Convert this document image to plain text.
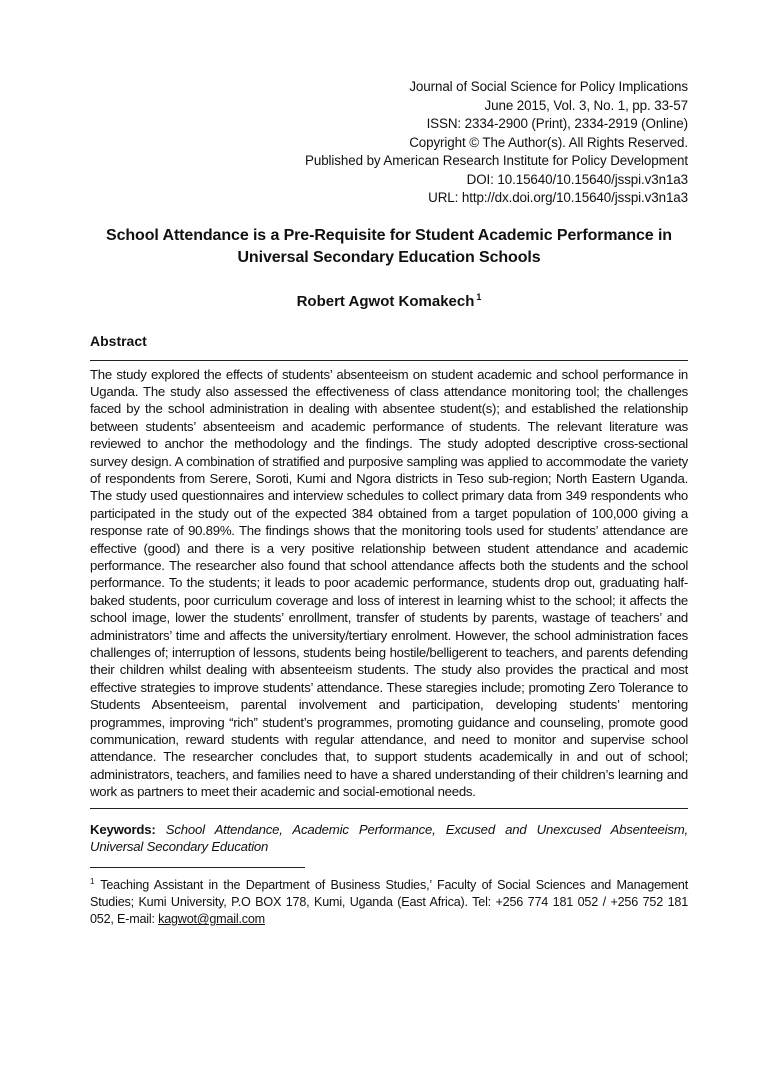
Journal of Social Science for Policy Implications
June 2015, Vol. 3, No. 1, pp. 33-57
ISSN: 2334-2900 (Print), 2334-2919 (Online)
Copyright © The Author(s). All Rights Reserved.
Published by American Research Institute for Policy Development
DOI: 10.15640/10.15640/jsspi.v3n1a3
URL: http://dx.doi.org/10.15640/jsspi.v3n1a3
School Attendance is a Pre-Requisite for Student Academic Performance in Universal Secondary Education Schools
Robert Agwot Komakech $^1$
Abstract
The study explored the effects of students’ absenteeism on student academic and school performance in Uganda. The study also assessed the effectiveness of class attendance monitoring tool; the challenges faced by the school administration in dealing with absentee student(s); and established the relationship between students’ absenteeism and academic performance of students. The relevant literature was reviewed to anchor the methodology and the findings. The study adopted descriptive cross-sectional survey design. A combination of stratified and purposive sampling was applied to accommodate the variety of respondents from Serere, Soroti, Kumi and Ngora districts in Teso sub-region; North Eastern Uganda. The study used questionnaires and interview schedules to collect primary data from 349 respondents who participated in the study out of the expected 384 obtained from a target population of 100,000 giving a response rate of 90.89%. The findings shows that the monitoring tools used for students’ attendance are effective (good) and there is a very positive relationship between student attendance and academic performance. The researcher also found that school attendance affects both the students and the school performance. To the students; it leads to poor academic performance, students drop out, graduating half-baked students, poor curriculum coverage and loss of interest in learning whist to the school; it affects the school image, lower the students’ enrollment, transfer of students by parents, wastage of teachers’ and administrators’ time and affects the university/tertiary enrolment. However, the school administration faces challenges of; interruption of lessons, students being hostile/belligerent to teachers, and parents defending their children whilst dealing with absenteeism students. The study also provides the practical and most effective strategies to improve students’ attendance. These staregies include; promoting Zero Tolerance to Students Absenteeism, parental involvement and participation, developing students’ mentoring programmes, improving “rich” student’s programmes, promoting guidance and counseling, promote good communication, reward students with regular attendance, and need to monitor and supervise school attendance. The researcher concludes that, to support students academically in and out of school; administrators, teachers, and families need to have a shared understanding of their children’s learning and work as partners to meet their academic and social-emotional needs.
Keywords: School Attendance, Academic Performance, Excused and Unexcused Absenteeism, Universal Secondary Education
$^1$ Teaching Assistant in the Department of Business Studies,’ Faculty of Social Sciences and Management Studies; Kumi University, P.O BOX 178, Kumi, Uganda (East Africa). Tel: +256 774 181 052 / +256 752 181 052, E-mail: kagwot@gmail.com
